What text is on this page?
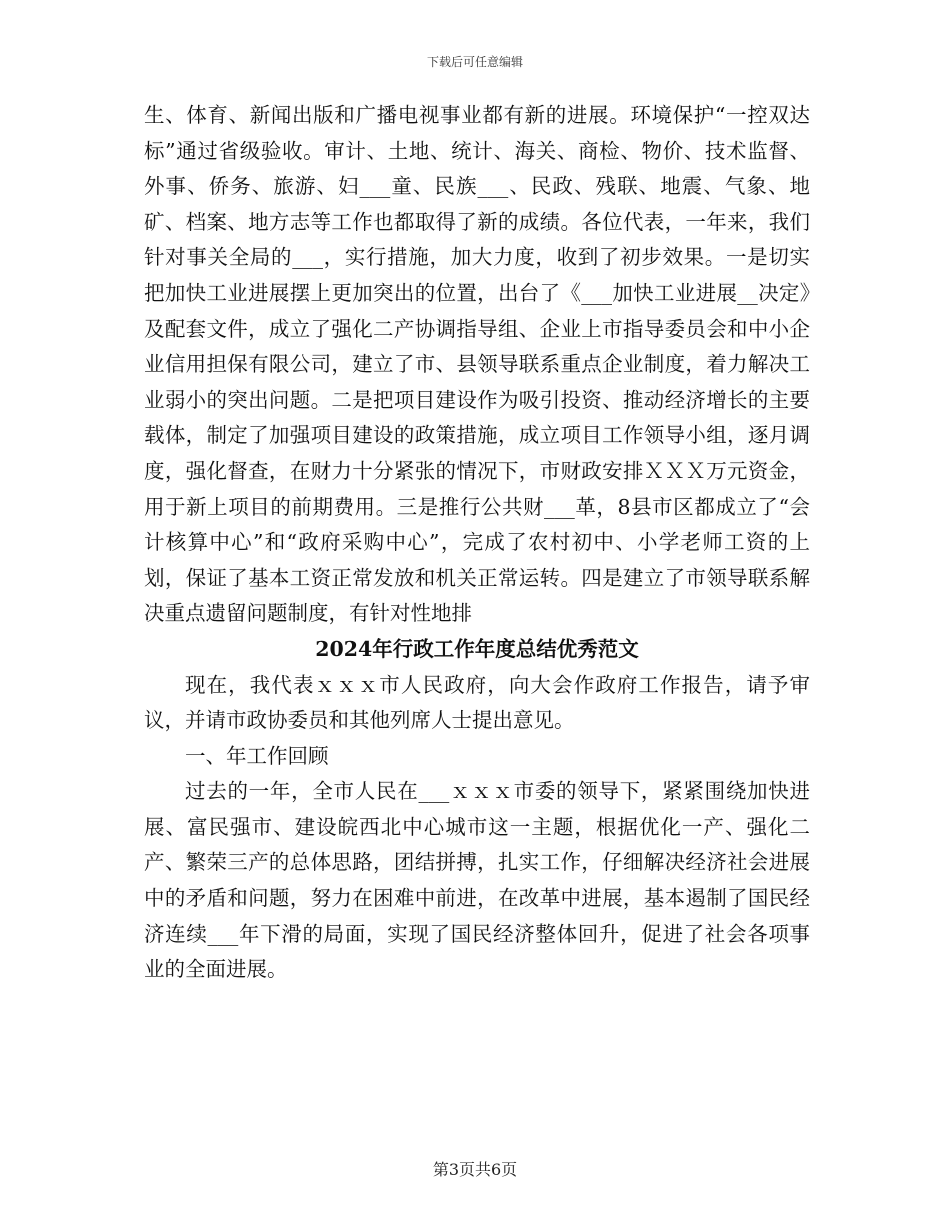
下载后可任意编辑

生、体育、新闻出版和广播电视事业都有新的进展。环境保护“一控双达标”通过省级验收。审计、土地、统计、海关、商检、物价、技术监督、外事、侨务、旅游、妇___童、民族___、民政、残联、地震、气象、地矿、档案、地方志等工作也都取得了新的成绩。各位代表，一年来，我们针对事关全局的___，实行措施，加大力度，收到了初步效果。一是切实把加快工业进展摆上更加突出的位置，出台了《___加快工业进展__决定》及配套文件，成立了强化二产协调指导组、企业上市指导委员会和中小企业信用担保有限公司，建立了市、县领导联系重点企业制度，着力解决工业弱小的突出问题。二是把项目建设作为吸引投资、推动经济增长的主要载体，制定了加强项目建设的政策措施，成立项目工作领导小组，逐月调度，强化督查，在财力十分紧张的情况下，市财政安排ＸＸＸ万元资金，用于新上项目的前期费用。三是推行公共财___革，8县市区都成立了“会计核算中心”和“政府采购中心”，完成了农村初中、小学老师工资的上划，保证了基本工资正常发放和机关正常运转。四是建立了市领导联系解决重点遗留问题制度，有针对性地排

2024年行政工作年度总结优秀范文

现在，我代表ｘｘｘ市人民政府，向大会作政府工作报告，请予审议，并请市政协委员和其他列席人士提出意见。

一、年工作回顾

过去的一年，全市人民在___ｘｘｘ市委的领导下，紧紧围绕加快进展、富民强市、建设皖西北中心城市这一主题，根据优化一产、强化二产、繁荣三产的总体思路，团结拼搏，扎实工作，仔细解决经济社会进展中的矛盾和问题，努力在困难中前进，在改革中进展，基本遏制了国民经济连续___年下滑的局面，实现了国民经济整体回升，促进了社会各项事业的全面进展。

第3页共6页
